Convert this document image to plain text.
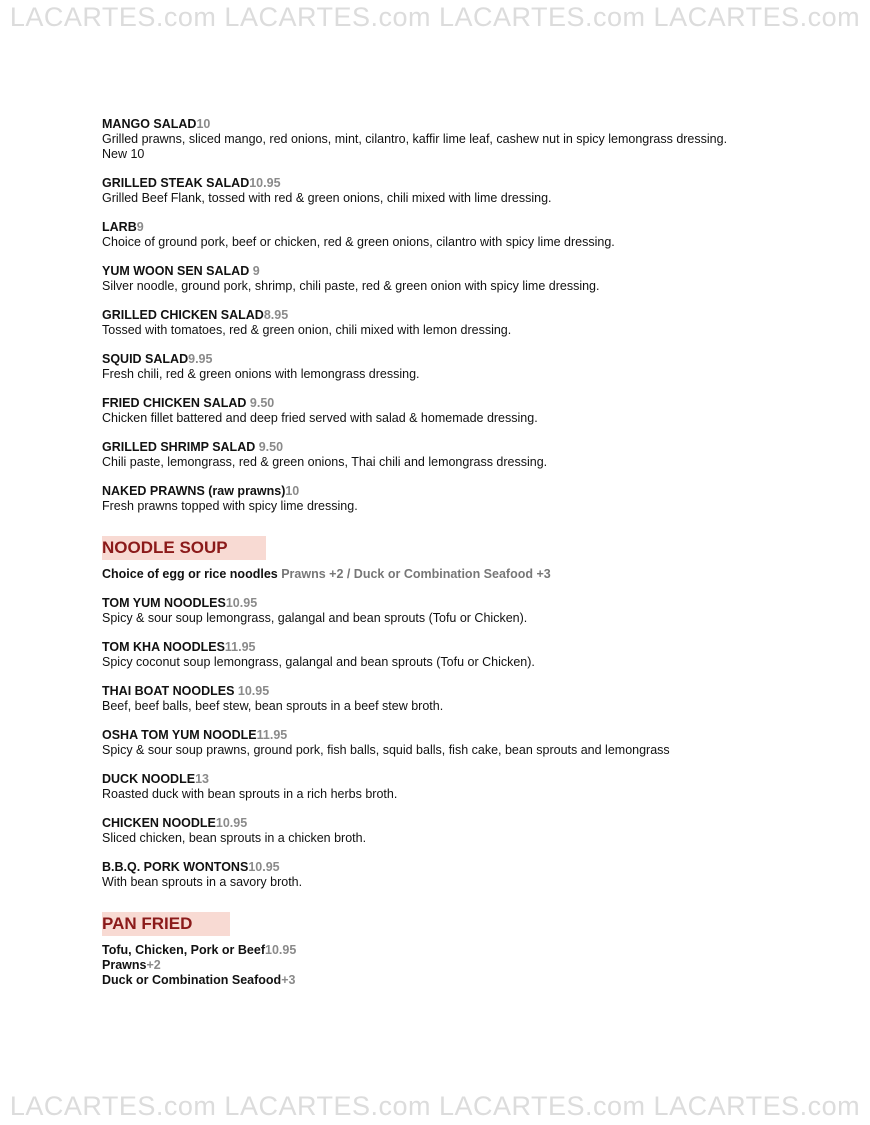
LACARTES.com LACARTES.com LACARTES.com LACARTES.com
MANGO SALAD10
Grilled prawns, sliced mango, red onions, mint, cilantro, kaffir lime leaf, cashew nut in spicy lemongrass dressing.
New 10
GRILLED STEAK SALAD10.95
Grilled Beef Flank, tossed with red & green onions, chili mixed with lime dressing.
LARB9
Choice of ground pork, beef or chicken, red & green onions, cilantro with spicy lime dressing.
YUM WOON SEN SALAD 9
Silver noodle, ground pork, shrimp, chili paste, red & green onion with spicy lime dressing.
GRILLED CHICKEN SALAD8.95
Tossed with tomatoes, red & green onion, chili mixed with lemon dressing.
SQUID SALAD9.95
Fresh chili, red & green onions with lemongrass dressing.
FRIED CHICKEN SALAD 9.50
Chicken fillet battered and deep fried served with salad & homemade dressing.
GRILLED SHRIMP SALAD 9.50
Chili paste, lemongrass, red & green onions, Thai chili and lemongrass dressing.
NAKED PRAWNS (raw prawns)10
Fresh prawns topped with spicy lime dressing.
NOODLE SOUP
Choice of egg or rice noodles Prawns +2 / Duck or Combination Seafood +3
TOM YUM NOODLES10.95
Spicy & sour soup lemongrass, galangal and bean sprouts (Tofu or Chicken).
TOM KHA NOODLES11.95
Spicy coconut soup lemongrass, galangal and bean sprouts (Tofu or Chicken).
THAI BOAT NOODLES 10.95
Beef, beef balls, beef stew, bean sprouts in a beef stew broth.
OSHA TOM YUM NOODLE11.95
Spicy & sour soup prawns, ground pork, fish balls, squid balls, fish cake, bean sprouts and lemongrass
DUCK NOODLE13
Roasted duck with bean sprouts in a rich herbs broth.
CHICKEN NOODLE10.95
Sliced chicken, bean sprouts in a chicken broth.
B.B.Q. PORK WONTONS10.95
With bean sprouts in a savory broth.
PAN FRIED
Tofu, Chicken, Pork or Beef10.95
Prawns+2
Duck or Combination Seafood+3
LACARTES.com LACARTES.com LACARTES.com LACARTES.com
